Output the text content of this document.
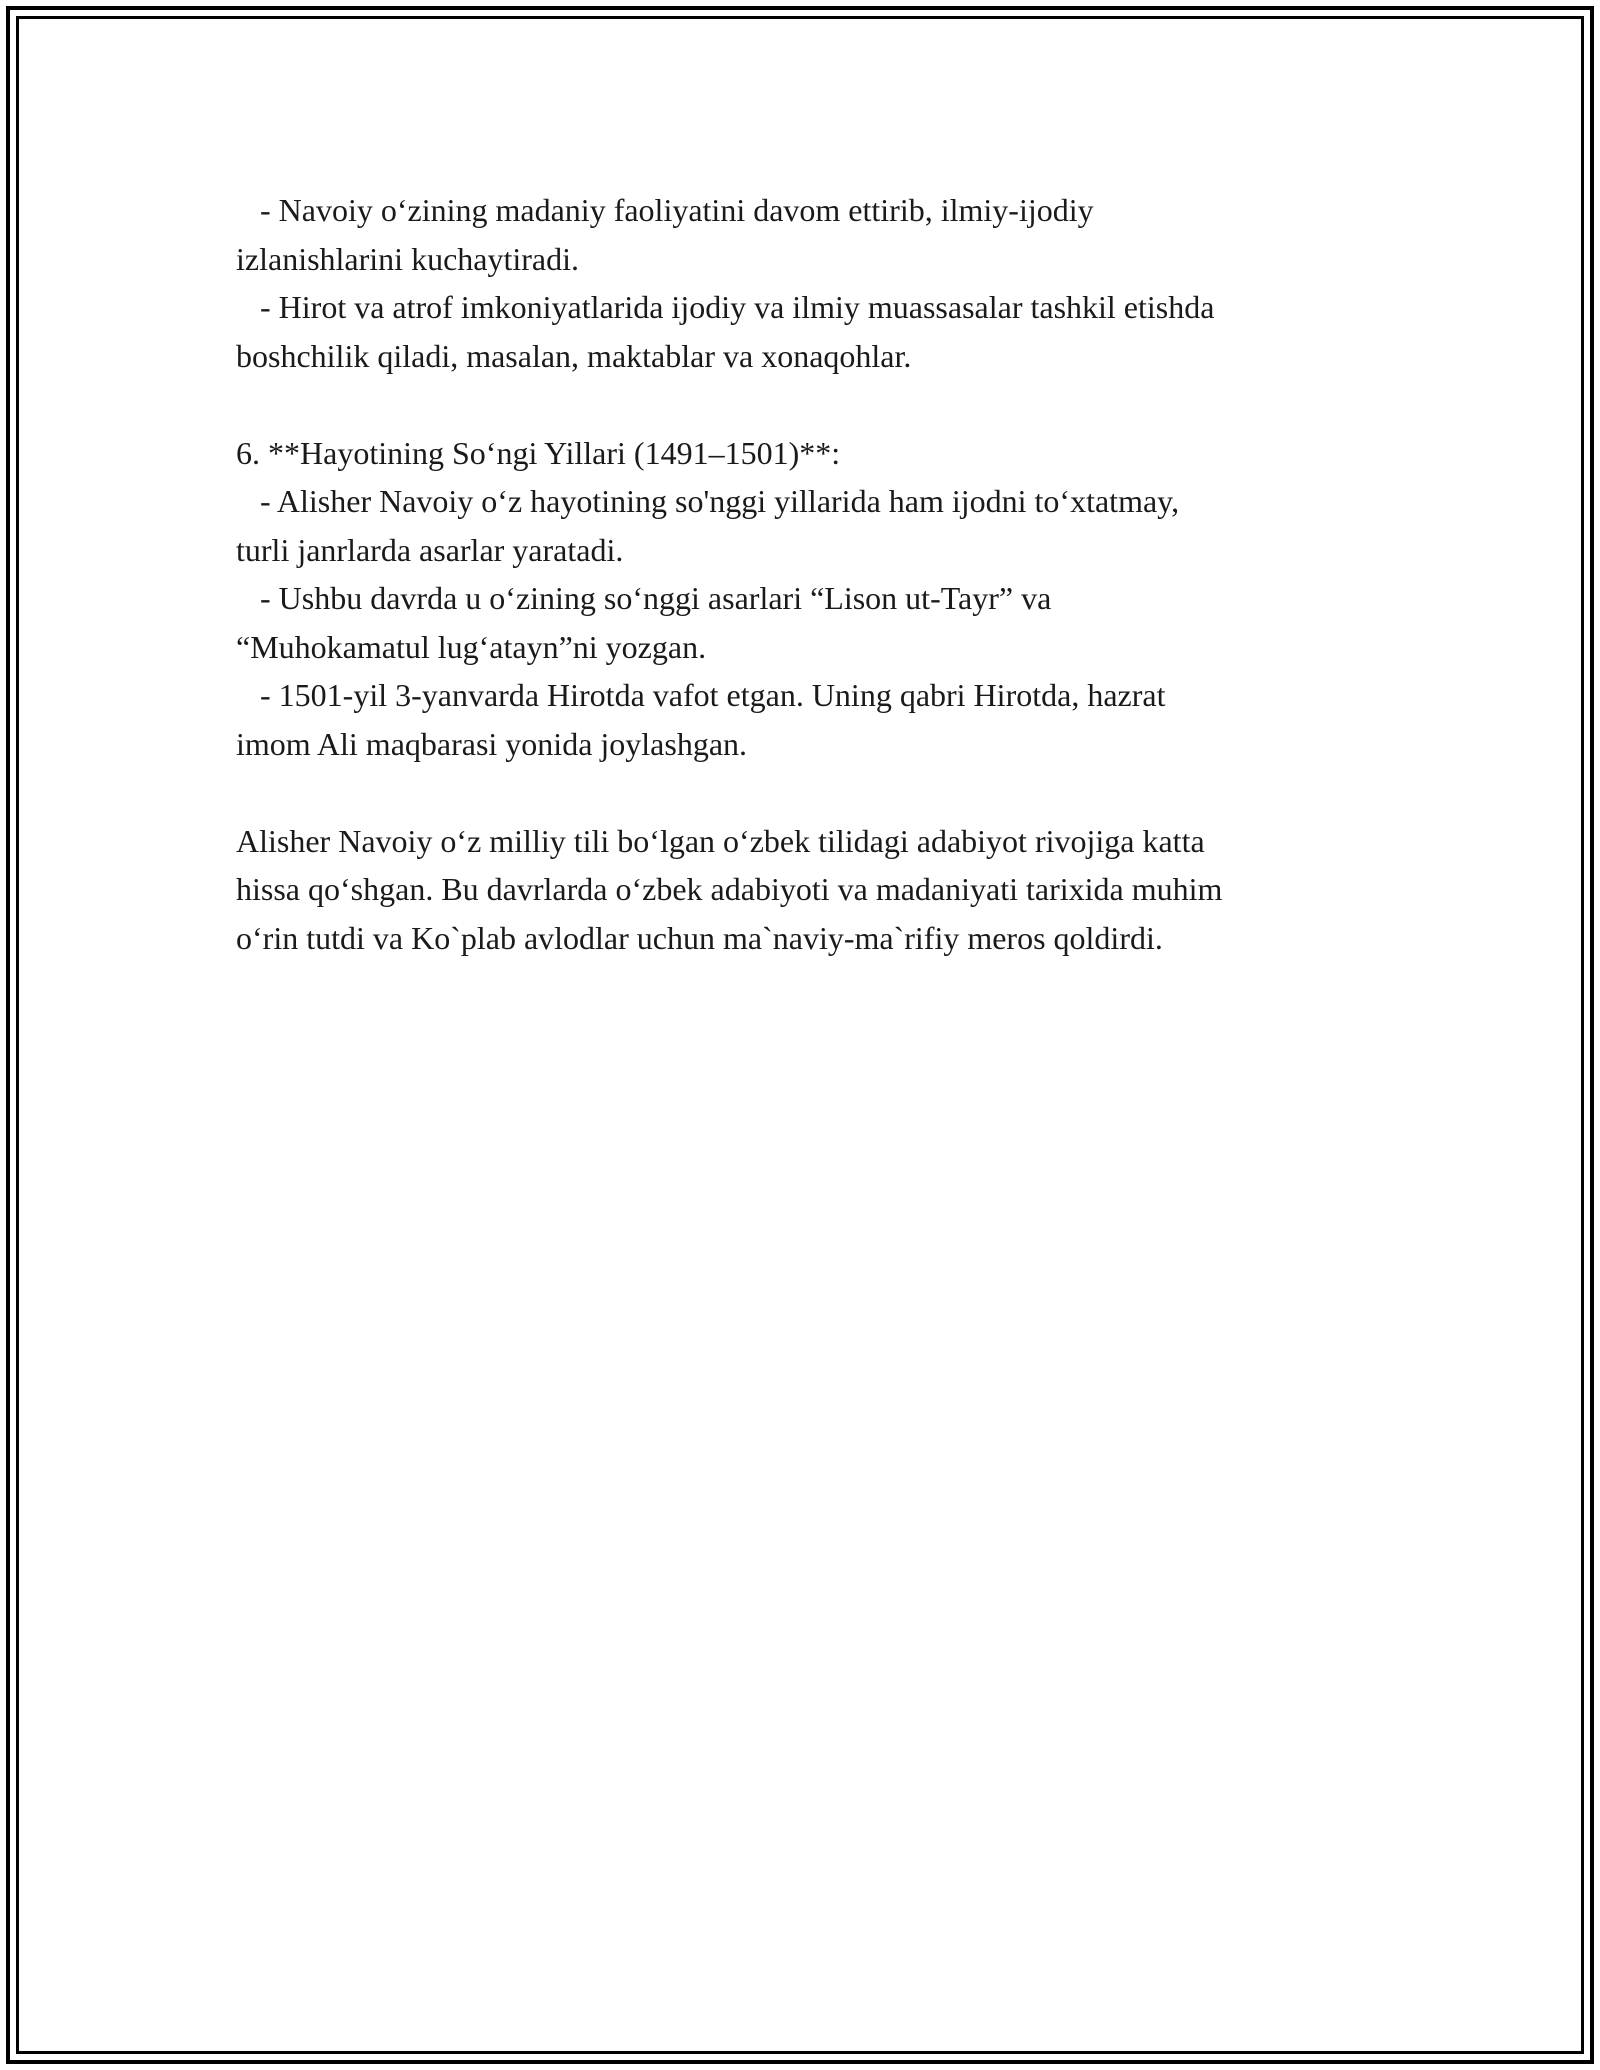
- Navoiy o‘zining madaniy faoliyatini davom ettirib, ilmiy-ijodiy

izlanishlarini kuchaytiradi.

- Hirot va atrof imkoniyatlarida ijodiy va ilmiy muassasalar tashkil etishda

boshchilik qiladi, masalan, maktablar va xonaqohlar.

6. **Hayotining So‘ngi Yillari (1491–1501)**:

- Alisher Navoiy o‘z hayotining so'nggi yillarida ham ijodni to‘xtatmay,

turli janrlarda asarlar yaratadi.

- Ushbu davrda u o‘zining so‘nggi asarlari “Lison ut-Tayr” va

“Muhokamatul lug‘atayn”ni yozgan.

- 1501-yil 3-yanvarda Hirotda vafot etgan. Uning qabri Hirotda, hazrat

imom Ali maqbarasi yonida joylashgan.

Alisher Navoiy o‘z milliy tili bo‘lgan o‘zbek tilidagi adabiyot rivojiga katta

hissa qo‘shgan. Bu davrlarda o‘zbek adabiyoti va madaniyati tarixida muhim

o‘rin tutdi va Ko`plab avlodlar uchun ma`naviy-ma`rifiy meros qoldirdi.
